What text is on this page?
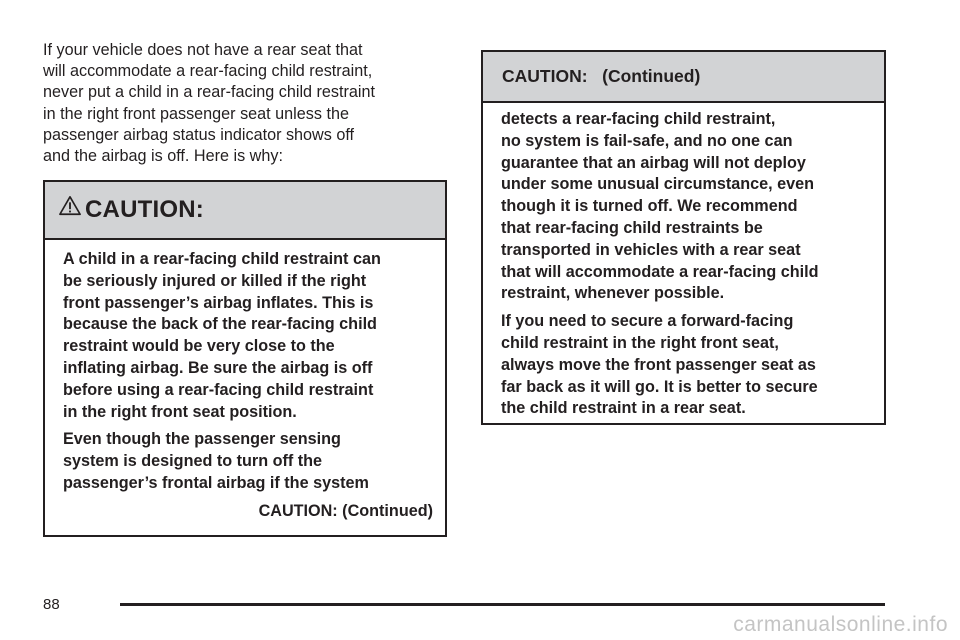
If your vehicle does not have a rear seat that
will accommodate a rear-facing child restraint,
never put a child in a rear-facing child restraint
in the right front passenger seat unless the
passenger airbag status indicator shows off
and the airbag is off. Here is why:

CAUTION:

A child in a rear-facing child restraint can
be seriously injured or killed if the right
front passenger’s airbag inflates. This is
because the back of the rear-facing child
restraint would be very close to the
inflating airbag. Be sure the airbag is off
before using a rear-facing child restraint
in the right front seat position.

Even though the passenger sensing
system is designed to turn off the
passenger’s frontal airbag if the system

CAUTION: (Continued)

CAUTION:   (Continued)

detects a rear-facing child restraint,
no system is fail-safe, and no one can
guarantee that an airbag will not deploy
under some unusual circumstance, even
though it is turned off. We recommend
that rear-facing child restraints be
transported in vehicles with a rear seat
that will accommodate a rear-facing child
restraint, whenever possible.

If you need to secure a forward-facing
child restraint in the right front seat,
always move the front passenger seat as
far back as it will go. It is better to secure
the child restraint in a rear seat.

88

carmanualsonline.info
